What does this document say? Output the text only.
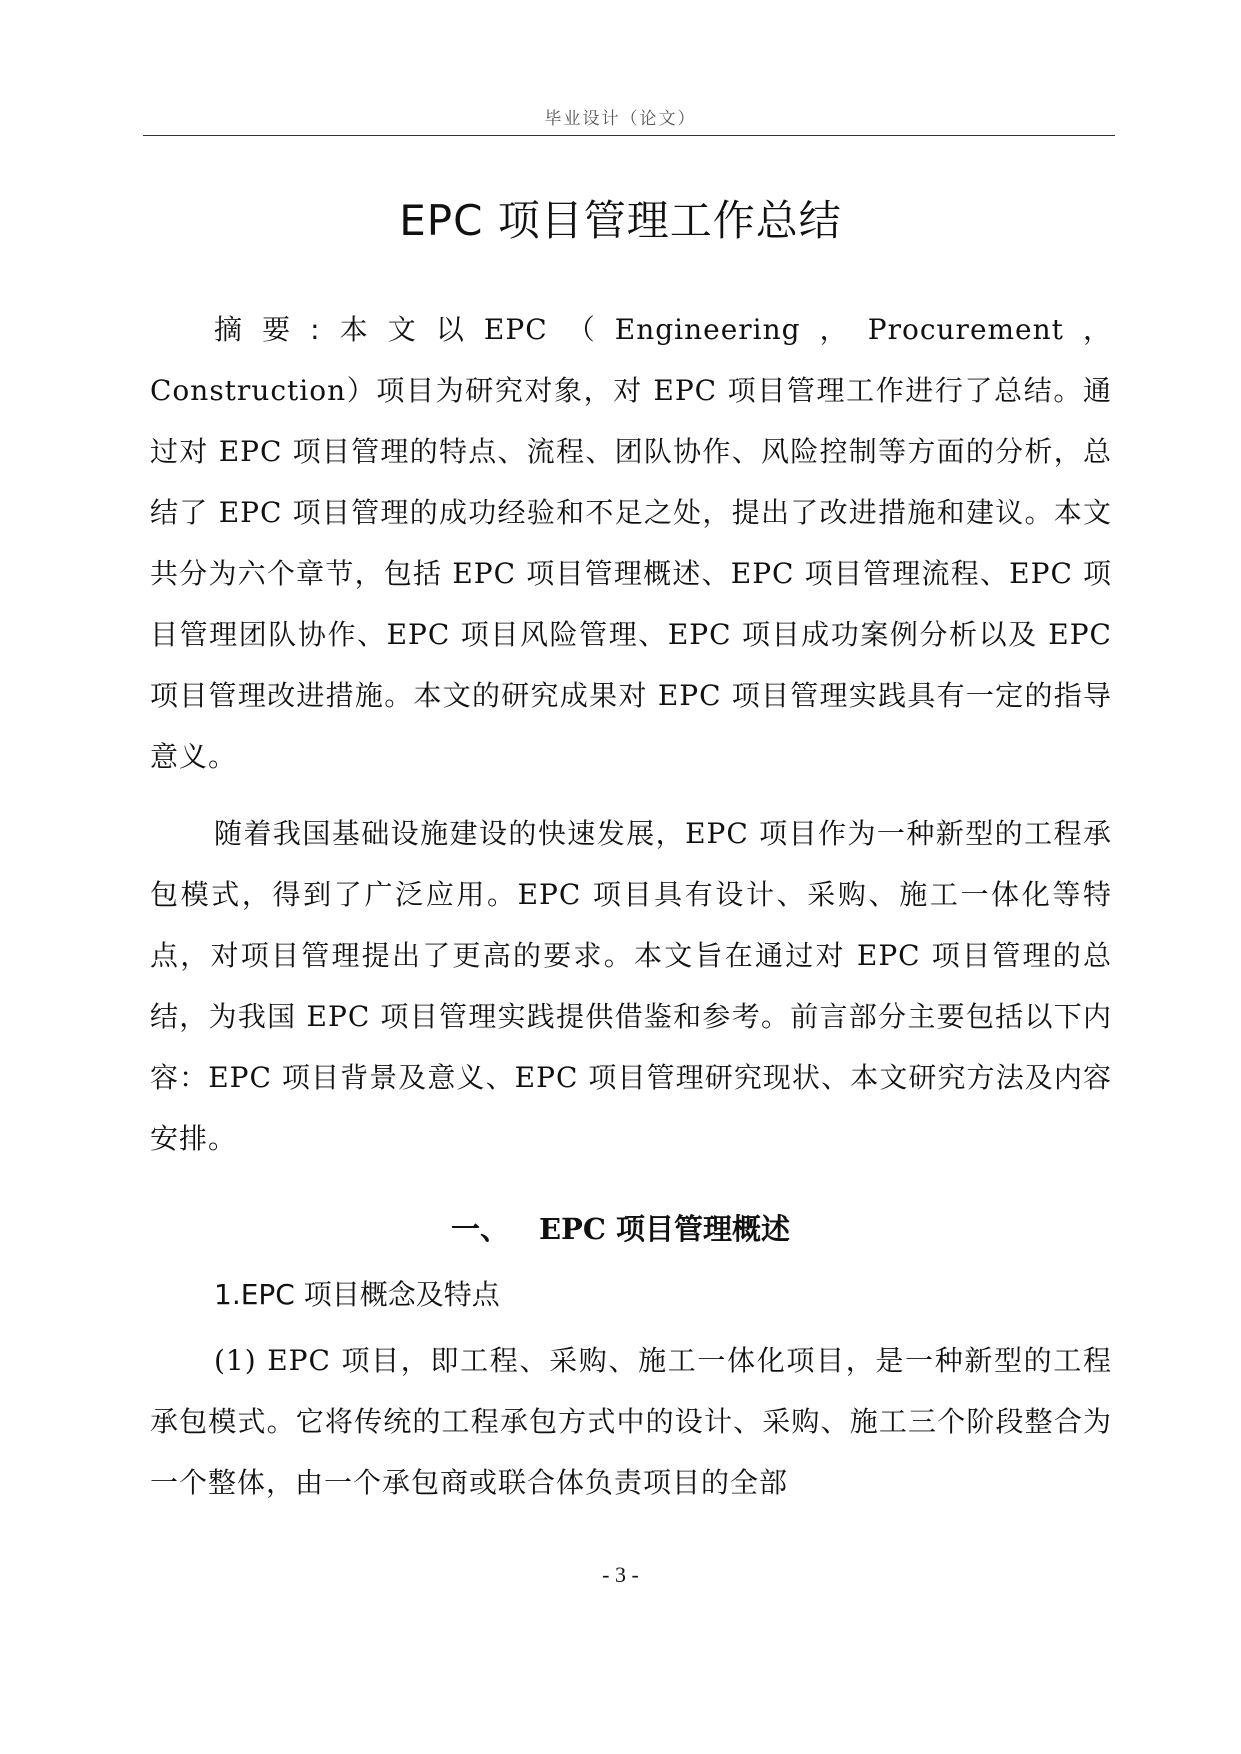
毕业设计（论文）
EPC 项目管理工作总结

摘要:本文以EPC（Engineering，Procurement，Construction）项目为研究对象，对 EPC 项目管理工作进行了总结。通过对 EPC 项目管理的特点、流程、团队协作、风险控制等方面的分析，总结了 EPC 项目管理的成功经验和不足之处，提出了改进措施和建议。本文共分为六个章节，包括 EPC 项目管理概述、EPC 项目管理流程、EPC 项目管理团队协作、EPC 项目风险管理、EPC 项目成功案例分析以及 EPC 项目管理改进措施。本文的研究成果对 EPC 项目管理实践具有一定的指导意义。

随着我国基础设施建设的快速发展，EPC 项目作为一种新型的工程承包模式，得到了广泛应用。EPC 项目具有设计、采购、施工一体化等特点，对项目管理提出了更高的要求。本文旨在通过对 EPC 项目管理的总结，为我国 EPC 项目管理实践提供借鉴和参考。前言部分主要包括以下内容：EPC 项目背景及意义、EPC 项目管理研究现状、本文研究方法及内容安排。

一、 EPC 项目管理概述
1.EPC 项目概念及特点

(1) EPC 项目，即工程、采购、施工一体化项目，是一种新型的工程承包模式。它将传统的工程承包方式中的设计、采购、施工三个阶段整合为一个整体，由一个承包商或联合体负责项目的全部

- 3 -
